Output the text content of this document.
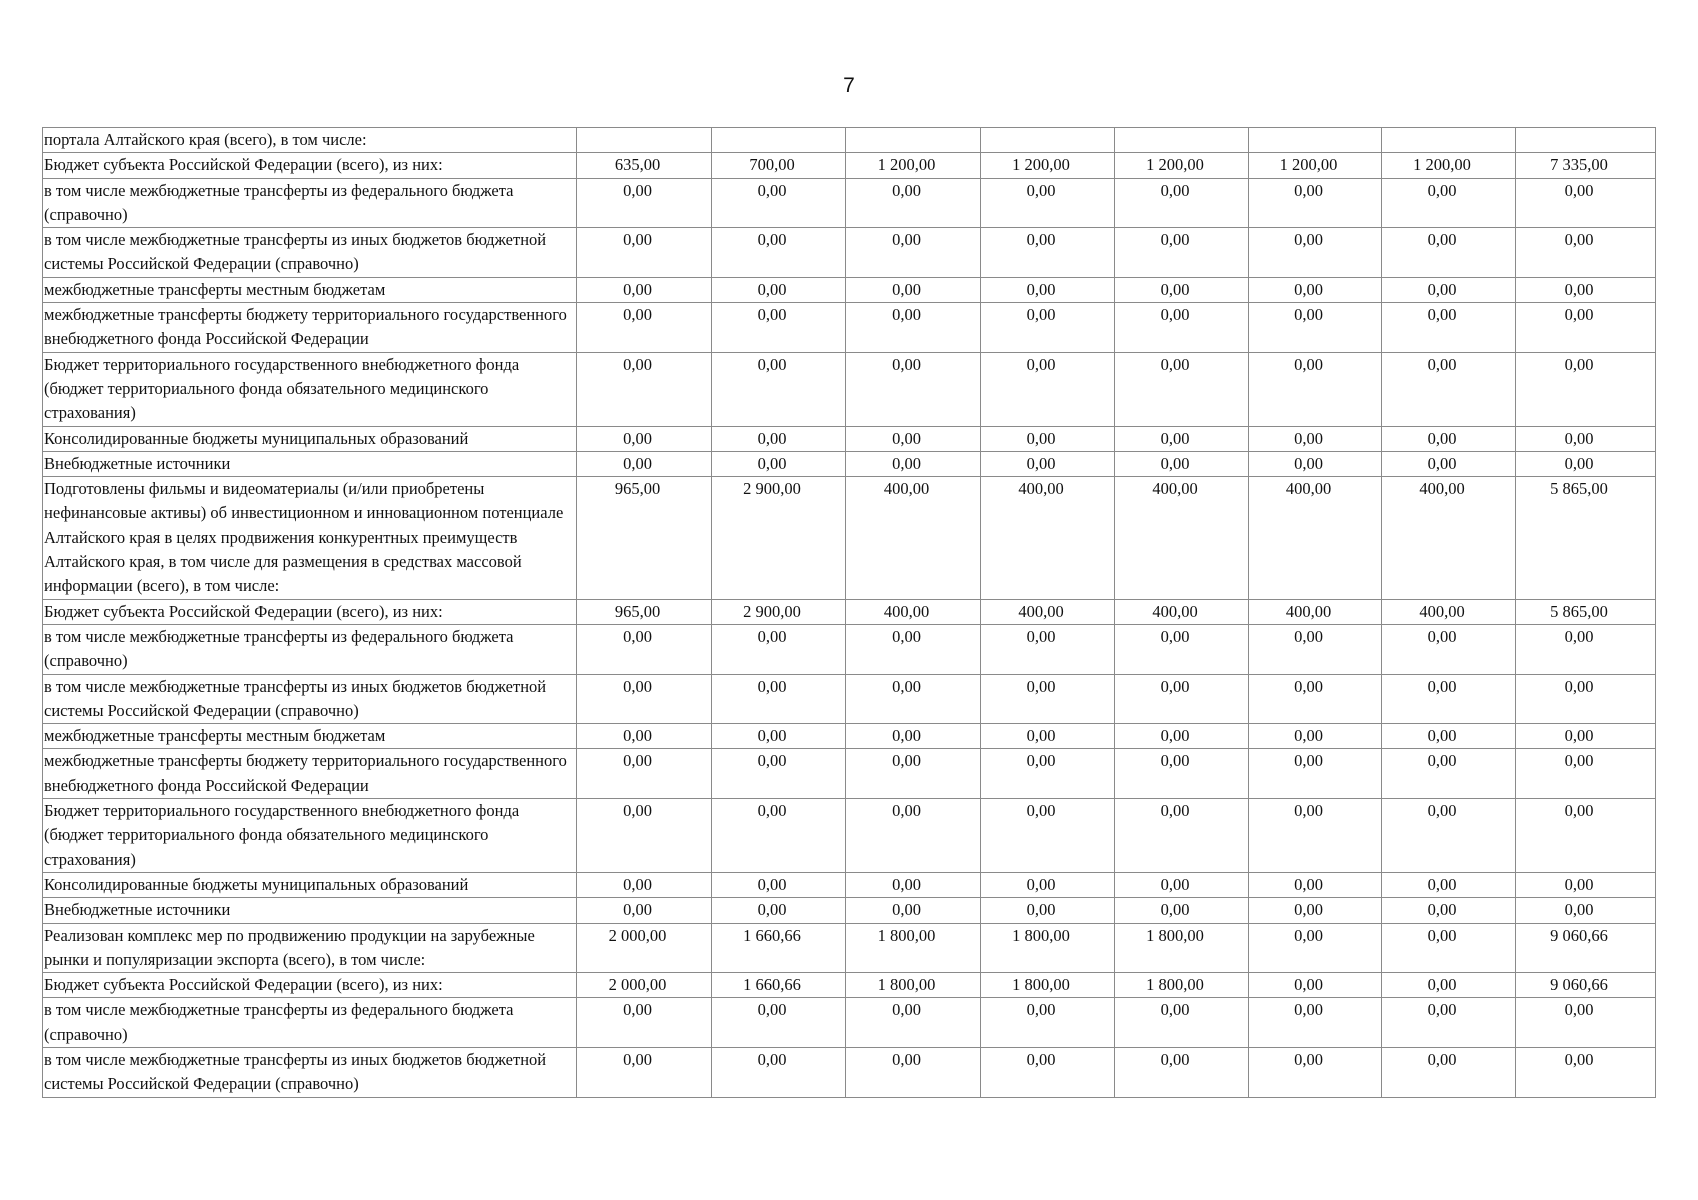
7
портала Алтайского края (всего), в том числе:								
Бюджет субъекта Российской Федерации (всего), из них:	635,00	700,00	1 200,00	1 200,00	1 200,00	1 200,00	1 200,00	7 335,00
в том числе межбюджетные трансферты из федерального бюджета (справочно)	0,00	0,00	0,00	0,00	0,00	0,00	0,00	0,00
в том числе межбюджетные трансферты из иных бюджетов бюджетной системы Российской Федерации (справочно)	0,00	0,00	0,00	0,00	0,00	0,00	0,00	0,00
межбюджетные трансферты местным бюджетам	0,00	0,00	0,00	0,00	0,00	0,00	0,00	0,00
межбюджетные трансферты бюджету территориального государственного внебюджетного фонда Российской Федерации	0,00	0,00	0,00	0,00	0,00	0,00	0,00	0,00
Бюджет территориального государственного внебюджетного фонда (бюджет территориального фонда обязательного медицинского страхования)	0,00	0,00	0,00	0,00	0,00	0,00	0,00	0,00
Консолидированные бюджеты муниципальных образований	0,00	0,00	0,00	0,00	0,00	0,00	0,00	0,00
Внебюджетные источники	0,00	0,00	0,00	0,00	0,00	0,00	0,00	0,00
Подготовлены фильмы и видеоматериалы (и/или приобретены нефинансовые активы) об инвестиционном и инновационном потенциале Алтайского края в целях продвижения конкурентных преимуществ Алтайского края, в том числе для размещения в средствах массовой информации (всего), в том числе:	965,00	2 900,00	400,00	400,00	400,00	400,00	400,00	5 865,00
Бюджет субъекта Российской Федерации (всего), из них:	965,00	2 900,00	400,00	400,00	400,00	400,00	400,00	5 865,00
в том числе межбюджетные трансферты из федерального бюджета (справочно)	0,00	0,00	0,00	0,00	0,00	0,00	0,00	0,00
в том числе межбюджетные трансферты из иных бюджетов бюджетной системы Российской Федерации (справочно)	0,00	0,00	0,00	0,00	0,00	0,00	0,00	0,00
межбюджетные трансферты местным бюджетам	0,00	0,00	0,00	0,00	0,00	0,00	0,00	0,00
межбюджетные трансферты бюджету территориального государственного внебюджетного фонда Российской Федерации	0,00	0,00	0,00	0,00	0,00	0,00	0,00	0,00
Бюджет территориального государственного внебюджетного фонда (бюджет территориального фонда обязательного медицинского страхования)	0,00	0,00	0,00	0,00	0,00	0,00	0,00	0,00
Консолидированные бюджеты муниципальных образований	0,00	0,00	0,00	0,00	0,00	0,00	0,00	0,00
Внебюджетные источники	0,00	0,00	0,00	0,00	0,00	0,00	0,00	0,00
Реализован комплекс мер по продвижению продукции на зарубежные рынки и популяризации экспорта (всего), в том числе:	2 000,00	1 660,66	1 800,00	1 800,00	1 800,00	0,00	0,00	9 060,66
Бюджет субъекта Российской Федерации (всего), из них:	2 000,00	1 660,66	1 800,00	1 800,00	1 800,00	0,00	0,00	9 060,66
в том числе межбюджетные трансферты из федерального бюджета (справочно)	0,00	0,00	0,00	0,00	0,00	0,00	0,00	0,00
в том числе межбюджетные трансферты из иных бюджетов бюджетной системы Российской Федерации (справочно)	0,00	0,00	0,00	0,00	0,00	0,00	0,00	0,00
